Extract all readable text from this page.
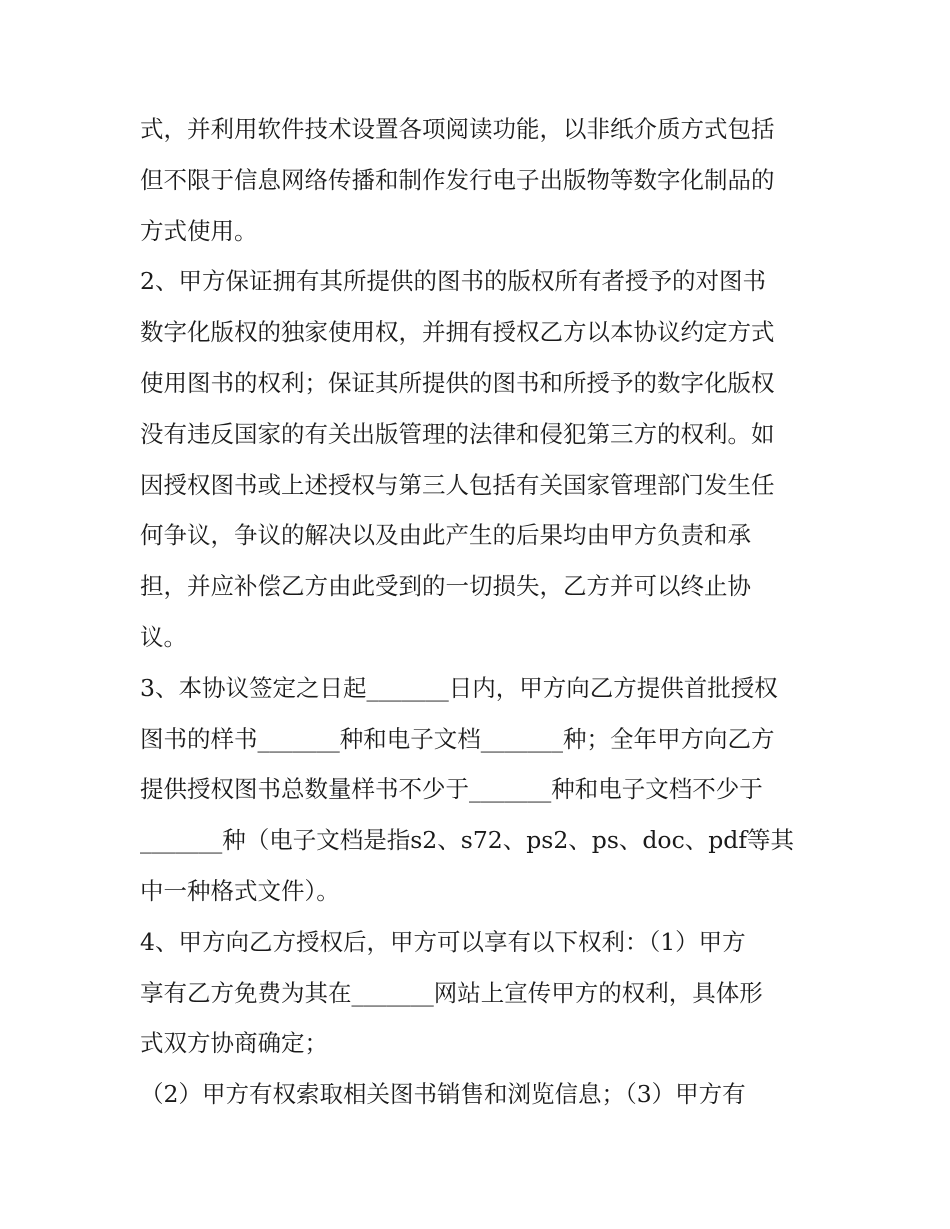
式，并利用软件技术设置各项阅读功能，以非纸介质方式包括
但不限于信息网络传播和制作发行电子出版物等数字化制品的
方式使用。
2、甲方保证拥有其所提供的图书的版权所有者授予的对图书
数字化版权的独家使用权，并拥有授权乙方以本协议约定方式
使用图书的权利；保证其所提供的图书和所授予的数字化版权
没有违反国家的有关出版管理的法律和侵犯第三方的权利。如
因授权图书或上述授权与第三人包括有关国家管理部门发生任
何争议，争议的解决以及由此产生的后果均由甲方负责和承
担，并应补偿乙方由此受到的一切损失，乙方并可以终止协
议。
3、本协议签定之日起_______日内，甲方向乙方提供首批授权
图书的样书_______种和电子文档_______种；全年甲方向乙方
提供授权图书总数量样书不少于_______种和电子文档不少于
_______种（电子文档是指s2、s72、ps2、ps、doc、pdf等其
中一种格式文件）。
4、甲方向乙方授权后，甲方可以享有以下权利：（1）甲方
享有乙方免费为其在_______网站上宣传甲方的权利，具体形
式双方协商确定；
（2）甲方有权索取相关图书销售和浏览信息；（3）甲方有
